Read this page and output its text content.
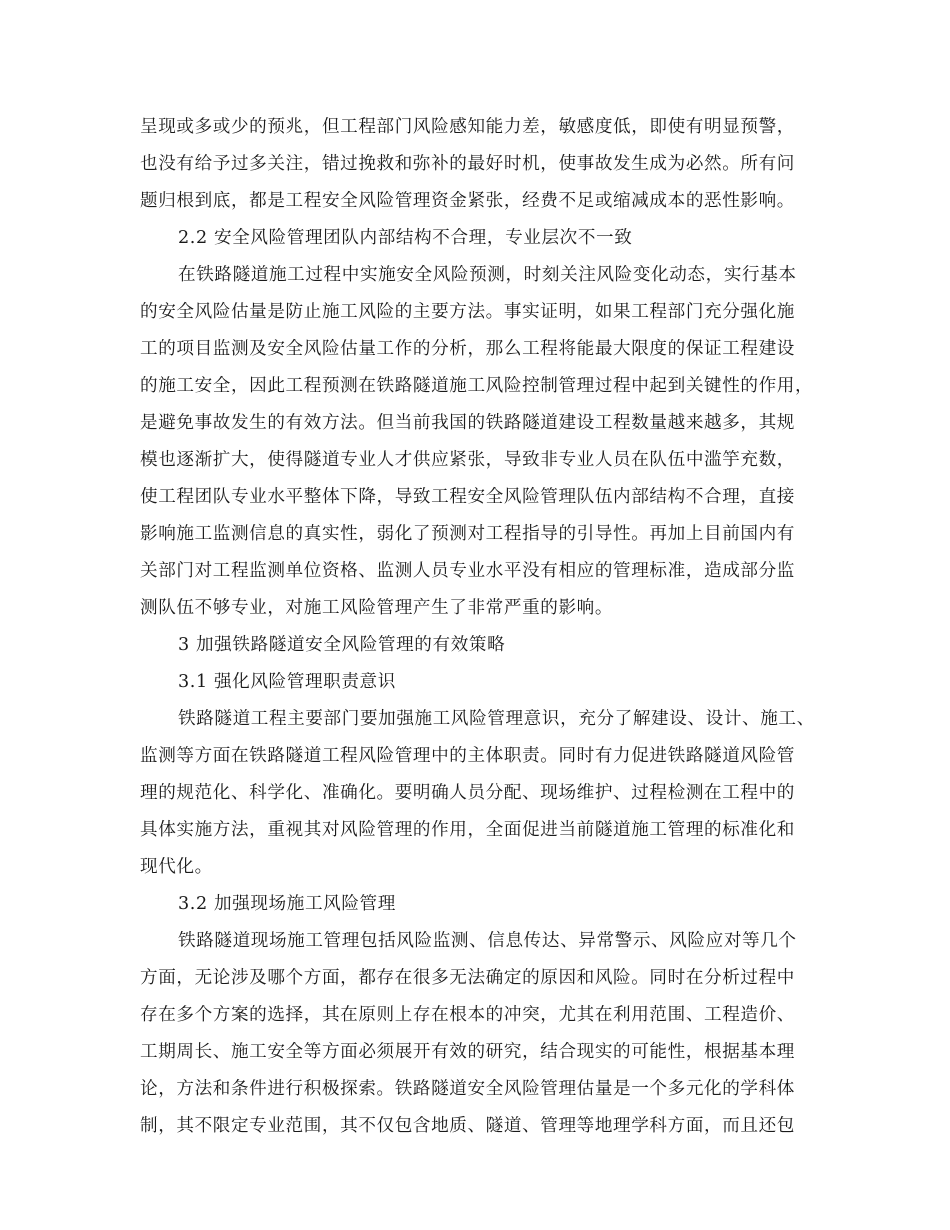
呈现或多或少的预兆，但工程部门风险感知能力差，敏感度低，即使有明显预警，
也没有给予过多关注，错过挽救和弥补的最好时机，使事故发生成为必然。所有问
题归根到底，都是工程安全风险管理资金紧张，经费不足或缩减成本的恶性影响。
2.2 安全风险管理团队内部结构不合理，专业层次不一致
在铁路隧道施工过程中实施安全风险预测，时刻关注风险变化动态，实行基本
的安全风险估量是防止施工风险的主要方法。事实证明，如果工程部门充分强化施
工的项目监测及安全风险估量工作的分析，那么工程将能最大限度的保证工程建设
的施工安全，因此工程预测在铁路隧道施工风险控制管理过程中起到关键性的作用，
是避免事故发生的有效方法。但当前我国的铁路隧道建设工程数量越来越多，其规
模也逐渐扩大，使得隧道专业人才供应紧张，导致非专业人员在队伍中滥竽充数，
使工程团队专业水平整体下降，导致工程安全风险管理队伍内部结构不合理，直接
影响施工监测信息的真实性，弱化了预测对工程指导的引导性。再加上目前国内有
关部门对工程监测单位资格、监测人员专业水平没有相应的管理标准，造成部分监
测队伍不够专业，对施工风险管理产生了非常严重的影响。
3 加强铁路隧道安全风险管理的有效策略
3.1 强化风险管理职责意识
铁路隧道工程主要部门要加强施工风险管理意识，充分了解建设、设计、施工、
监测等方面在铁路隧道工程风险管理中的主体职责。同时有力促进铁路隧道风险管
理的规范化、科学化、准确化。要明确人员分配、现场维护、过程检测在工程中的
具体实施方法，重视其对风险管理的作用，全面促进当前隧道施工管理的标准化和
现代化。
3.2 加强现场施工风险管理
铁路隧道现场施工管理包括风险监测、信息传达、异常警示、风险应对等几个
方面，无论涉及哪个方面，都存在很多无法确定的原因和风险。同时在分析过程中
存在多个方案的选择，其在原则上存在根本的冲突，尤其在利用范围、工程造价、
工期周长、施工安全等方面必须展开有效的研究，结合现实的可能性，根据基本理
论，方法和条件进行积极探索。铁路隧道安全风险管理估量是一个多元化的学科体
制，其不限定专业范围，其不仅包含地质、隧道、管理等地理学科方面，而且还包
